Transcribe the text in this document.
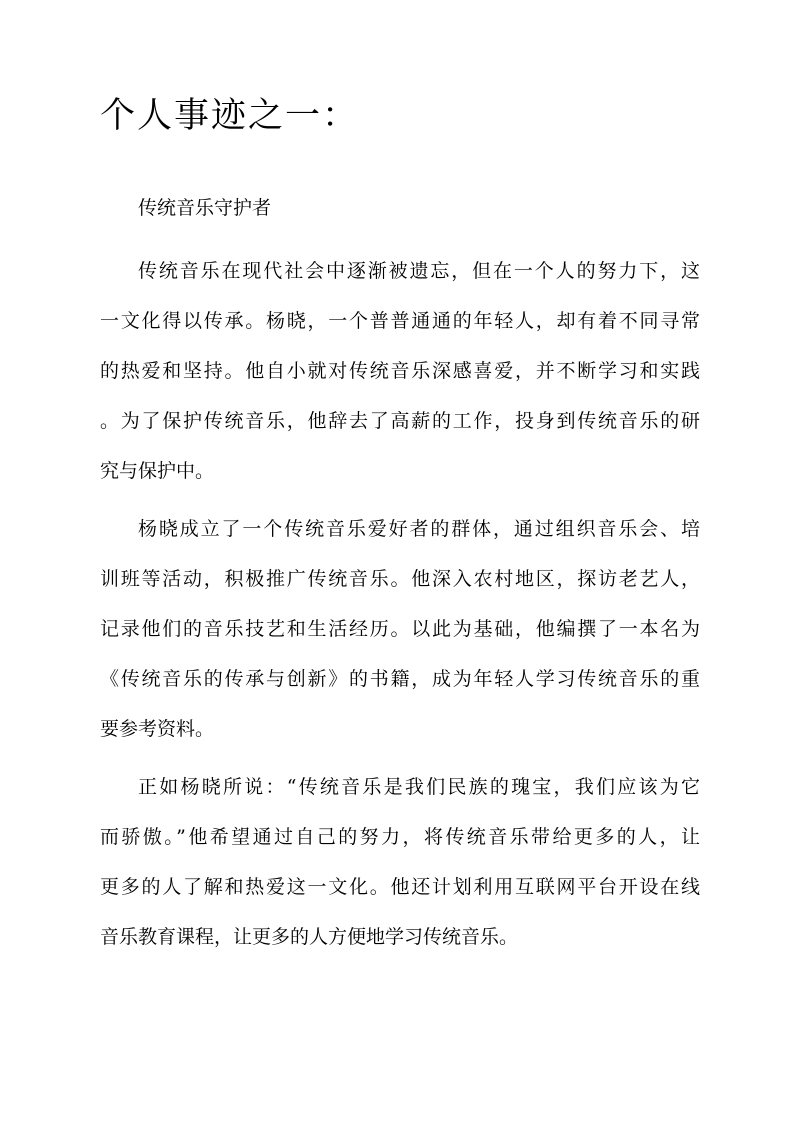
个人事迹之一：

传统音乐守护者

传统音乐在现代社会中逐渐被遗忘，但在一个人的努力下，这
一文化得以传承。杨晓，一个普普通通的年轻人，却有着不同寻常
的热爱和坚持。他自小就对传统音乐深感喜爱，并不断学习和实践
。为了保护传统音乐，他辞去了高薪的工作，投身到传统音乐的研
究与保护中。

杨晓成立了一个传统音乐爱好者的群体，通过组织音乐会、培
训班等活动，积极推广传统音乐。他深入农村地区，探访老艺人，
记录他们的音乐技艺和生活经历。以此为基础，他编撰了一本名为
《传统音乐的传承与创新》的书籍，成为年轻人学习传统音乐的重
要参考资料。

正如杨晓所说：“传统音乐是我们民族的瑰宝，我们应该为它
而骄傲。”他希望通过自己的努力，将传统音乐带给更多的人，让
更多的人了解和热爱这一文化。他还计划利用互联网平台开设在线
音乐教育课程，让更多的人方便地学习传统音乐。
